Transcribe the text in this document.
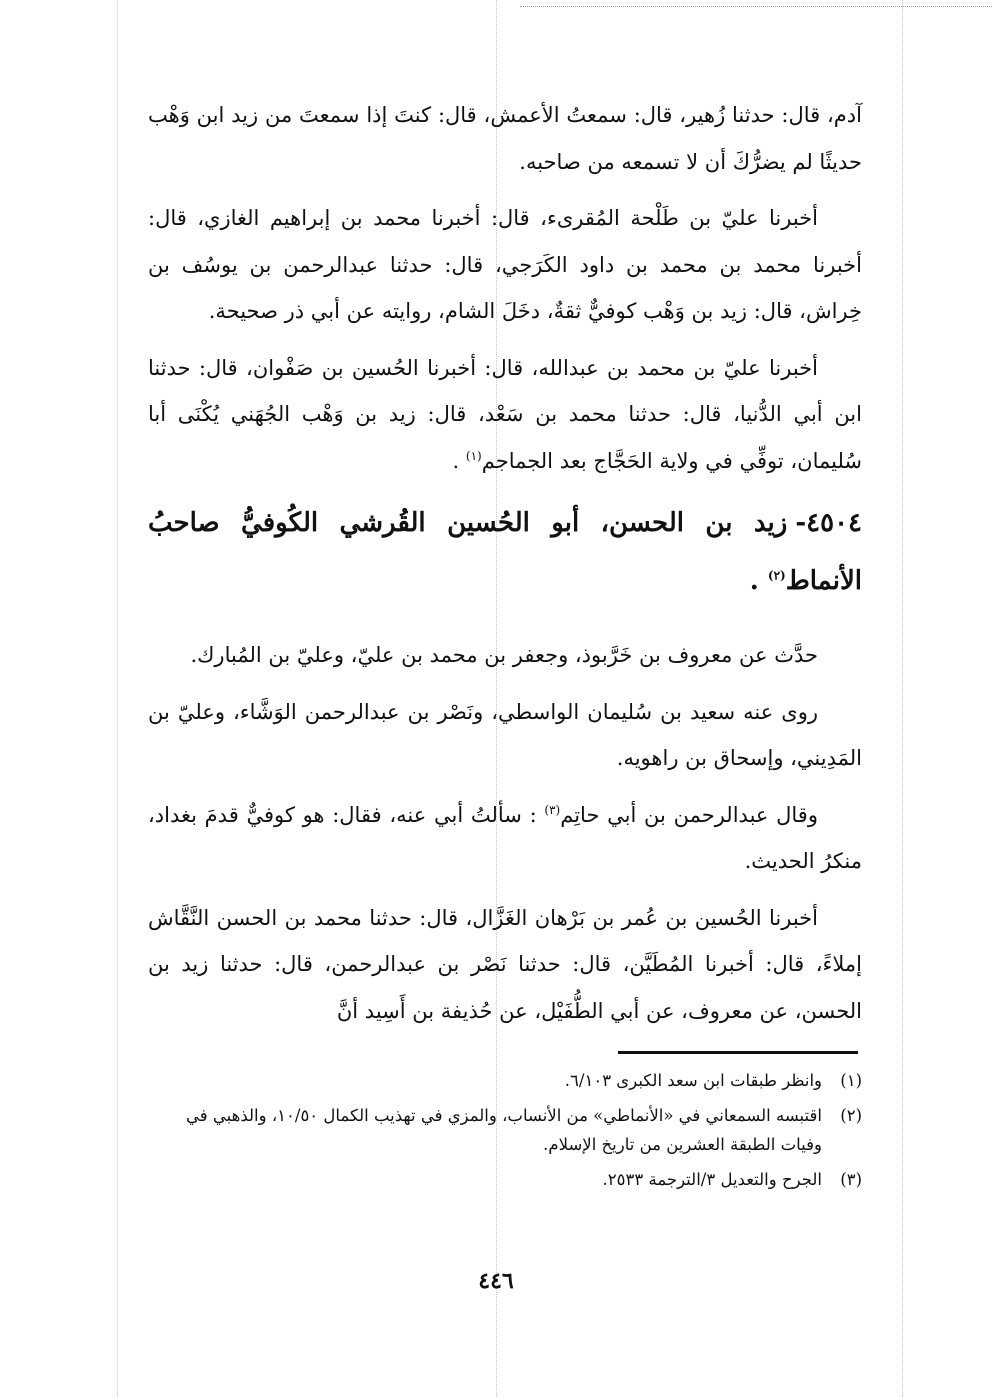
آدم، قال: حدثنا زُهير، قال: سمعتُ الأعمش، قال: كنتَ إذا سمعتَ من زيد ابن وَهْب حديثًا لم يضرُّكَ أن لا تسمعه من صاحبه.

أخبرنا عليّ بن طَلْحة المُقرىء، قال: أخبرنا محمد بن إبراهيم الغازي، قال: أخبرنا محمد بن محمد بن داود الكَرَجي، قال: حدثنا عبدالرحمن بن يوسُف بن خِراش، قال: زيد بن وَهْب كوفيٌّ ثقةٌ، دخَلَ الشام، روايته عن أبي ذر صحيحة.

أخبرنا عليّ بن محمد بن عبدالله، قال: أخبرنا الحُسين بن صَفْوان، قال: حدثنا ابن أبي الدُّنيا، قال: حدثنا محمد بن سَعْد، قال: زيد بن وَهْب الجُهَني يُكْنَى أبا سُليمان، توفِّي في ولاية الحَجَّاج بعد الجماجم$^{(١)}$ .

٤٥٠٤-زيد بن الحسن، أبو الحُسين القُرشي الكُوفيُّ صاحبُ الأنماط$^{(٢)}$ .

حدَّث عن معروف بن خَرَّبوذ، وجعفر بن محمد بن عليّ، وعليّ بن المُبارك.

روى عنه سعيد بن سُليمان الواسطي، ونَصْر بن عبدالرحمن الوَشَّاء، وعليّ بن المَدِيني، وإسحاق بن راهويه.

وقال عبدالرحمن بن أبي حاتِم$^{(٣)}$ : سألتُ أبي عنه، فقال: هو كوفيٌّ قدمَ بغداد، منكرُ الحديث.

أخبرنا الحُسين بن عُمر بن بَرْهان الغَزَّال، قال: حدثنا محمد بن الحسن النَّقَّاش إملاءً، قال: أخبرنا المُطَيَّن، قال: حدثنا نَصْر بن عبدالرحمن، قال: حدثنا زيد بن الحسن، عن معروف، عن أبي الطُّفَيْل، عن حُذيفة بن أَسِيد أنَّ

(١)
وانظر طبقات ابن سعد الكبرى ٦/١٠٣.

(٢)
اقتبسه السمعاني في «الأنماطي» من الأنساب، والمزي في تهذيب الكمال ١٠/٥٠، والذهبي في وفيات الطبقة العشرين من تاريخ الإسلام.

(٣)
الجرح والتعديل ٣/الترجمة ٢٥٣٣.

٤٤٦
